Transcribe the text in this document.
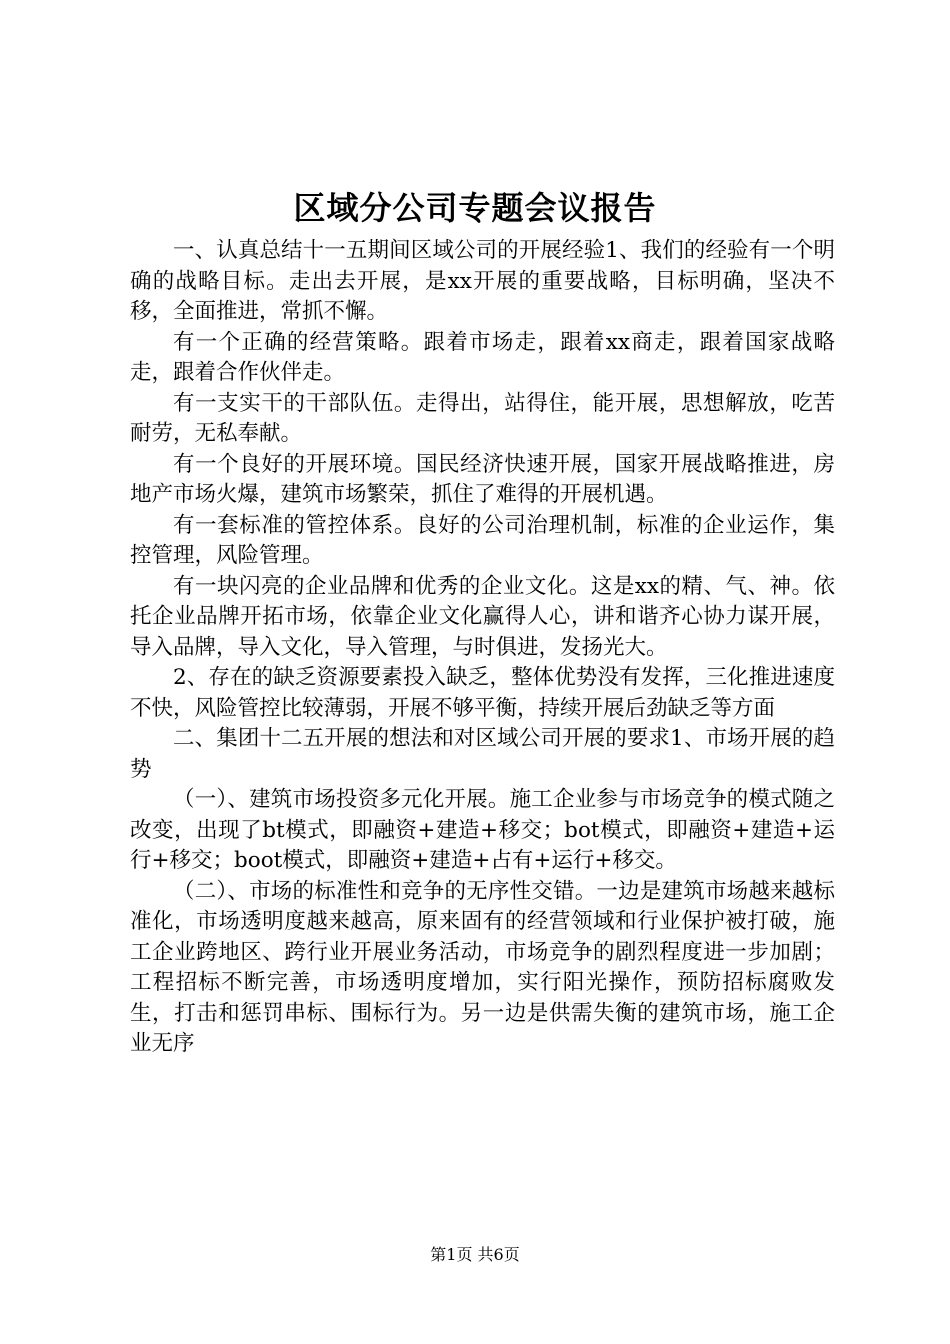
区域分公司专题会议报告

一、认真总结十一五期间区域公司的开展经验1、我们的经验有一个明确的战略目标。走出去开展，是xx开展的重要战略，目标明确，坚决不移，全面推进，常抓不懈。

有一个正确的经营策略。跟着市场走，跟着xx商走，跟着国家战略走，跟着合作伙伴走。

有一支实干的干部队伍。走得出，站得住，能开展，思想解放，吃苦耐劳，无私奉献。

有一个良好的开展环境。国民经济快速开展，国家开展战略推进，房地产市场火爆，建筑市场繁荣，抓住了难得的开展机遇。

有一套标准的管控体系。良好的公司治理机制，标准的企业运作，集控管理，风险管理。

有一块闪亮的企业品牌和优秀的企业文化。这是xx的精、气、神。依托企业品牌开拓市场，依靠企业文化赢得人心，讲和谐齐心协力谋开展，导入品牌，导入文化，导入管理，与时俱进，发扬光大。

2、存在的缺乏资源要素投入缺乏，整体优势没有发挥，三化推进速度不快，风险管控比较薄弱，开展不够平衡，持续开展后劲缺乏等方面

二、集团十二五开展的想法和对区域公司开展的要求1、市场开展的趋势

（一）、建筑市场投资多元化开展。施工企业参与市场竞争的模式随之改变，出现了bt模式，即融资+建造+移交；bot模式，即融资+建造+运行+移交；boot模式，即融资+建造+占有+运行+移交。

（二）、市场的标准性和竞争的无序性交错。一边是建筑市场越来越标准化，市场透明度越来越高，原来固有的经营领域和行业保护被打破，施工企业跨地区、跨行业开展业务活动，市场竞争的剧烈程度进一步加剧；工程招标不断完善，市场透明度增加，实行阳光操作，预防招标腐败发生，打击和惩罚串标、围标行为。另一边是供需失衡的建筑市场，施工企业无序

第1页 共6页
